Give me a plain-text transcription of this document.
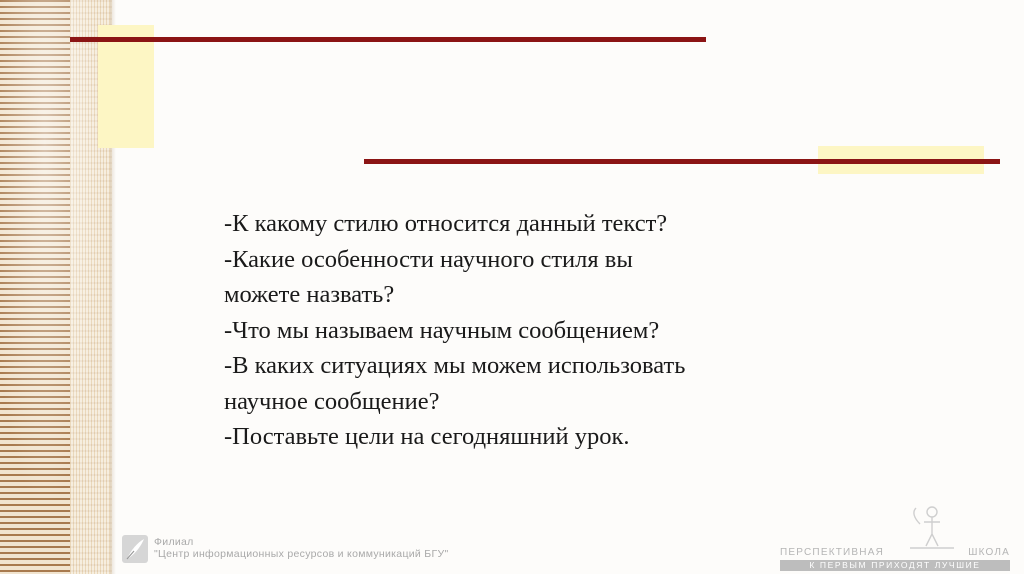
-К какому стилю относится данный текст?

-Какие особенности научного стиля вы

можете назвать?

-Что мы называем научным сообщением?

-В каких ситуациях мы можем использовать

научное сообщение?

-Поставьте цели на сегодняшний урок.

Филиал
"Центр информационных ресурсов и коммуникаций БГУ"	ПЕРСПЕКТИВНАЯ	ШКОЛА
К ПЕРВЫМ ПРИХОДЯТ ЛУЧШИЕ
